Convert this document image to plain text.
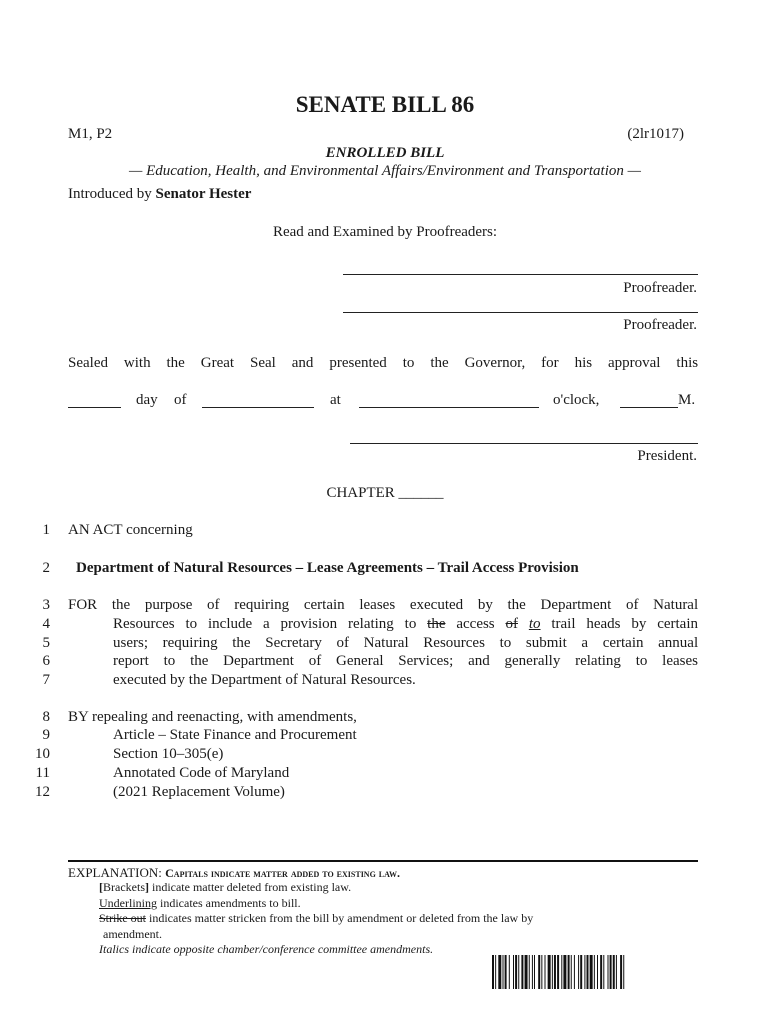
SENATE BILL 86
M1, P2	(2lr1017)
ENROLLED BILL
— Education, Health, and Environmental Affairs/Environment and Transportation —
Introduced by Senator Hester
Read and Examined by Proofreaders:
Proofreader.
Proofreader.
Sealed with the Great Seal and presented to the Governor, for his approval this
day of	at	o'clock,	M.
President.
CHAPTER ______
1
2
3
4
5
6
7
8
9
10
11
12
AN ACT concerning
Department of Natural Resources – Lease Agreements – Trail Access Provision
FOR the purpose of requiring certain leases executed by the Department of Natural
Resources to include a provision relating to the access of to trail heads by certain
users; requiring the Secretary of Natural Resources to submit a certain annual
report to the Department of General Services; and generally relating to leases
executed by the Department of Natural Resources.
BY repealing and reenacting, with amendments,
Article – State Finance and Procurement
Section 10–305(e)
Annotated Code of Maryland
(2021 Replacement Volume)
EXPLANATION: Capitals indicate matter added to existing law.
[Brackets] indicate matter deleted from existing law.
Underlining indicates amendments to bill.
Strike out indicates matter stricken from the bill by amendment or deleted from the law by
amendment.
Italics indicate opposite chamber/conference committee amendments.
